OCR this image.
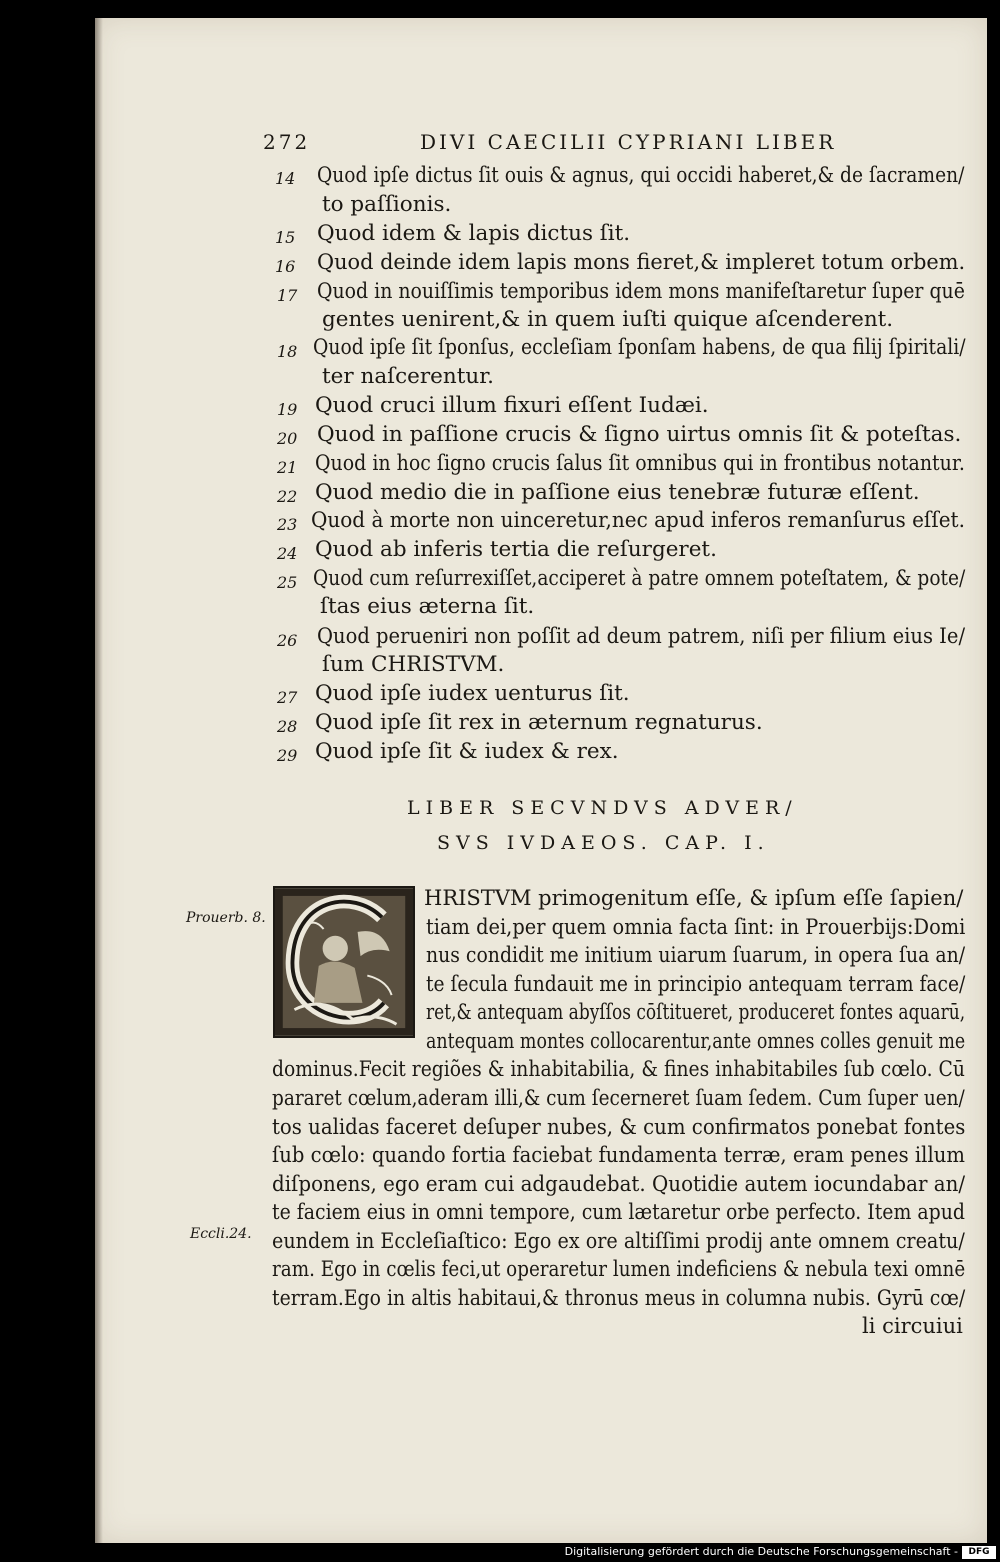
272	DIVI CAECILII CYPRIANI LIBER
14 Quod ipſe dictus ſit ouis & agnus, qui occidi haberet,& de ſacramen/
to paſſionis.
15 Quod idem & lapis dictus ſit.
16 Quod deinde idem lapis mons fieret,& impleret totum orbem.
17 Quod in nouiſſimis temporibus idem mons manifeſtaretur ſuper quē
gentes uenirent,& in quem iuſti quique aſcenderent.
18 Quod ipſe ſit ſponſus, eccleſiam ſponſam habens, de qua filij ſpiritali/
ter naſcerentur.
19 Quod cruci illum fixuri eſſent Iudæi.
20 Quod in paſſione crucis & ſigno uirtus omnis ſit & poteſtas.
21 Quod in hoc ſigno crucis ſalus ſit omnibus qui in frontibus notantur.
22 Quod medio die in paſſione eius tenebræ futuræ eſſent.
23 Quod à morte non uinceretur,nec apud inferos remanſurus eſſet.
24 Quod ab inferis tertia die reſurgeret.
25 Quod cum reſurrexiſſet,acciperet à patre omnem poteſtatem, & pote/
ſtas eius æterna ſit.
26 Quod perueniri non poſſit ad deum patrem, niſi per filium eius Ie/
ſum CHRISTVM.
27 Quod ipſe iudex uenturus ſit.
28 Quod ipſe ſit rex in æternum regnaturus.
29 Quod ipſe ſit & iudex & rex.
LIBER SECVNDVS ADVER/
SVS IVDAEOS. CAP. I.
Prouerb. 8.
Eccli.24.
HRISTVM primogenitum eſſe, & ipſum eſſe ſapien/
tiam dei,per quem omnia facta ſint: in Prouerbijs:Domi
nus condidit me initium uiarum ſuarum, in opera ſua an/
te ſecula fundauit me in principio antequam terram face/
ret,& antequam abyſſos cōſtitueret, produceret fontes aquarū,
antequam montes collocarentur,ante omnes colles genuit me
dominus.Fecit regiões & inhabitabilia, & fines inhabitabiles ſub cœlo. Cū
pararet cœlum,aderam illi,& cum ſecerneret ſuam ſedem. Cum ſuper uen/
tos ualidas faceret deſuper nubes, & cum confirmatos ponebat fontes
ſub cœlo: quando fortia faciebat fundamenta terræ, eram penes illum
diſponens, ego eram cui adgaudebat. Quotidie autem iocundabar an/
te faciem eius in omni tempore, cum lætaretur orbe perfecto. Item apud
eundem in Eccleſiaſtico: Ego ex ore altiſſimi prodij ante omnem creatu/
ram. Ego in cœlis feci,ut operaretur lumen indeficiens & nebula texi omnē
terram.Ego in altis habitaui,& thronus meus in columna nubis. Gyrū cœ/
li circuiui
Digitalisierung gefördert durch die Deutsche Forschungsgemeinschaft -	DFG
